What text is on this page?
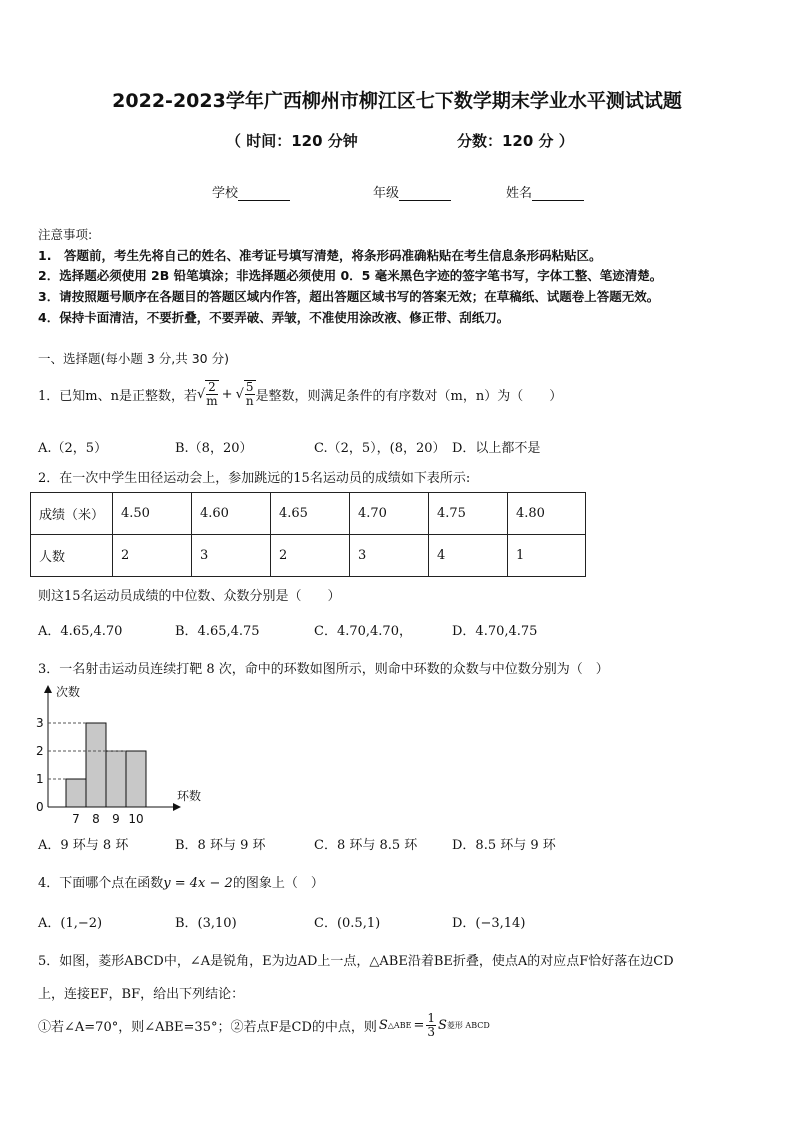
2022-2023学年广西柳州市柳江区七下数学期末学业水平测试试题
（ 时间：120 分钟	分数：120 分 ）
学校	年级	姓名
注意事项:
1.　答题前，考生先将自己的姓名、准考证号填写清楚，将条形码准确粘贴在考生信息条形码粘贴区。
2．选择题必须使用 2B 铅笔填涂；非选择题必须使用 0．5 毫米黑色字迹的签字笔书写，字体工整、笔迹清楚。
3．请按照题号顺序在各题目的答题区域内作答，超出答题区域书写的答案无效；在草稿纸、试题卷上答题无效。
4．保持卡面清洁，不要折叠，不要弄破、弄皱，不准使用涂改液、修正带、刮纸刀。
一、选择题(每小题 3 分,共 30 分)
1．已知m、n是正整数，若 √ $\frac{2}{m}$ + √ $\frac{5}{n}$ 是整数，则满足条件的有序数对（m，n）为（　　）
A.（2，5）	B.（8，20）	C.（2，5），(8，20） D．以上都不是
2．在一次中学生田径运动会上，参加跳远的15名运动员的成绩如下表所示:
成绩（米）	4.50	4.60	4.65	4.70	4.75	4.80
人数	2	3	2	3	4	1
则这15名运动员成绩的中位数、众数分别是（　　）
A．4.65,4.70	B．4.65,4.75	C．4.70,4.70，	D．4.70,4.75
3．一名射击运动员连续打靶 8 次，命中的环数如图所示，则命中环数的众数与中位数分别为（　）
次数
环数
0
1
2
3
7 8 9 10
A．9 环与 8 环	B．8 环与 9 环	C．8 环与 8.5 环	D．8.5 环与 9 环
4．下面哪个点在函数y = 4x − 2的图象上（　）
A．(1,−2)	B．(3,10)	C．(0.5,1)	D．(−3,14)
5．如图，菱形ABCD中，∠A是锐角，E为边AD上一点，△ABE沿着BE折叠，使点A的对应点F恰好落在边CD
上，连接EF，BF，给出下列结论：
①若∠A=70°，则∠ABE=35°；②若点F是CD的中点，则 S △ABE = $\frac{1}{3}$ S 菱形 ABCD
